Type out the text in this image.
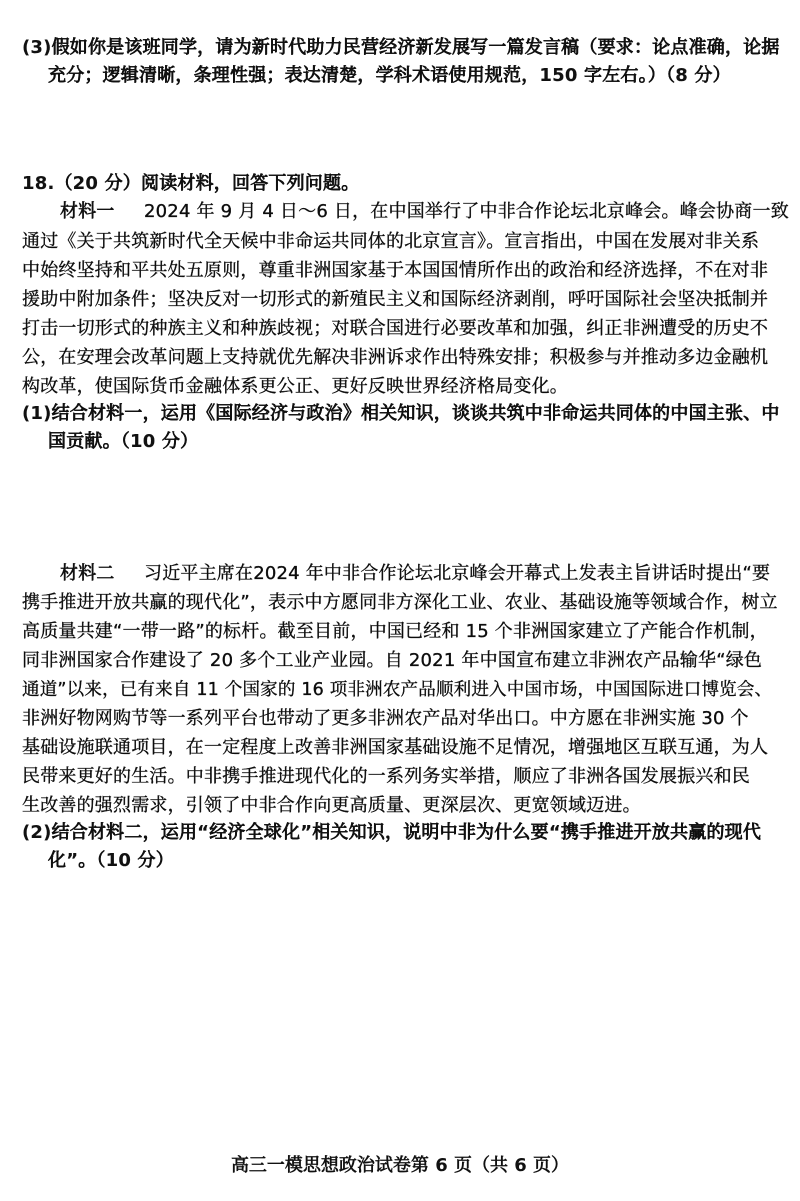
(3)假如你是该班同学，请为新时代助力民营经济新发展写一篇发言稿（要求：论点准确，论据
充分；逻辑清晰，条理性强；表达清楚，学科术语使用规范，150 字左右。）（8 分）
18.（20 分）阅读材料，回答下列问题。
材料一 2024 年 9 月 4 日～6 日，在中国举行了中非合作论坛北京峰会。峰会协商一致
通过《关于共筑新时代全天候中非命运共同体的北京宣言》。宣言指出，中国在发展对非关系
中始终坚持和平共处五原则，尊重非洲国家基于本国国情所作出的政治和经济选择，不在对非
援助中附加条件；坚决反对一切形式的新殖民主义和国际经济剥削，呼吁国际社会坚决抵制并
打击一切形式的种族主义和种族歧视；对联合国进行必要改革和加强，纠正非洲遭受的历史不
公，在安理会改革问题上支持就优先解决非洲诉求作出特殊安排；积极参与并推动多边金融机
构改革，使国际货币金融体系更公正、更好反映世界经济格局变化。
(1)结合材料一，运用《国际经济与政治》相关知识，谈谈共筑中非命运共同体的中国主张、中
国贡献。（10 分）
材料二 习近平主席在2024 年中非合作论坛北京峰会开幕式上发表主旨讲话时提出“要
携手推进开放共赢的现代化”，表示中方愿同非方深化工业、农业、基础设施等领域合作，树立
高质量共建“一带一路”的标杆。截至目前，中国已经和 15 个非洲国家建立了产能合作机制，
同非洲国家合作建设了 20 多个工业产业园。自 2021 年中国宣布建立非洲农产品输华“绿色
通道”以来，已有来自 11 个国家的 16 项非洲农产品顺利进入中国市场，中国国际进口博览会、
非洲好物网购节等一系列平台也带动了更多非洲农产品对华出口。中方愿在非洲实施 30 个
基础设施联通项目，在一定程度上改善非洲国家基础设施不足情况，增强地区互联互通，为人
民带来更好的生活。中非携手推进现代化的一系列务实举措，顺应了非洲各国发展振兴和民
生改善的强烈需求，引领了中非合作向更高质量、更深层次、更宽领域迈进。
(2)结合材料二，运用“经济全球化”相关知识，说明中非为什么要“携手推进开放共赢的现代
化”。（10 分）
高三一模思想政治试卷第 6 页（共 6 页）
